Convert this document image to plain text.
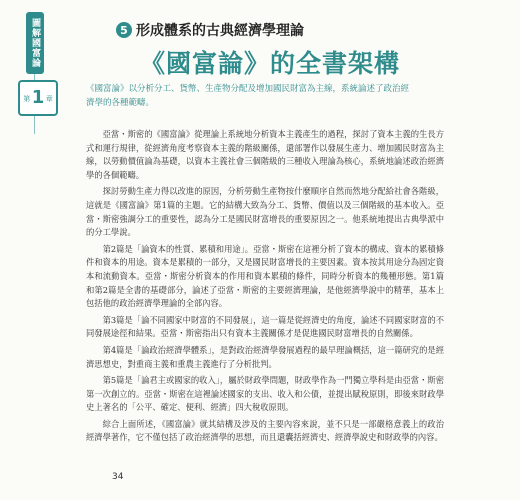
圖解國富論
第 1 章
5 形成體系的古典經濟學理論
《國富論》的全書架構
《國富論》以分析分工、貨幣、生產物分配及增加國民財富為主線，系統論述了政治經濟學的各種範疇。

亞當・斯密的《國富論》從理論上系統地分析資本主義產生的過程，探討了資本主義的生長方式和運行規律，從經濟角度考察資本主義的階級關係，還部署作以發展生產力、增加國民財富為主線，以勞動價值論為基礎，以資本主義社會三個階級的三種收入理論為核心，系統地論述政治經濟學的各個範疇。

探討勞動生產力得以改進的原因，分析勞動生產物按什麼順序自然而然地分配給社會各階級，這就是《國富論》第1篇的主題。它的結構大致為分工、貨幣、價值以及三個階級的基本收入。亞當・斯密強調分工的重要性，認為分工是國民財富增長的重要原因之一。他系統地提出古典學派中的分工學說。

第2篇是「論資本的性質、累積和用途」。亞當・斯密在這裡分析了資本的構成、資本的累積條件和資本的用途。資本是累積的一部分，又是國民財富增長的主要因素。資本按其用途分為固定資本和流動資本。亞當・斯密分析資本的作用和資本累積的條件，同時分析資本的幾種形態。第1篇和第2篇是全書的基礎部分，論述了亞當・斯密的主要經濟理論，是他經濟學說中的精華，基本上包括他的政治經濟學理論的全部內容。

第3篇是「論不同國家中財富的不同發展」，這一篇是從經濟史的角度，論述不同國家財富的不同發展途徑和結果。亞當・斯密指出只有資本主義關係才是促進國民財富增長的自然關係。

第4篇是「論政治經濟學體系」，是對政治經濟學發展過程的最早理論概括，這一篇研究的是經濟思想史，對重商主義和重農主義進行了分析批判。

第5篇是「論君主或國家的收入」，屬於財政學問題，財政學作為一門獨立學科是由亞當・斯密第一次創立的。亞當・斯密在這裡論述國家的支出、收入和公債，並提出賦稅原則，即後來財政學史上著名的「公平、確定、便利、經濟」四大稅收原則。

綜合上面所述，《國富論》就其結構及涉及的主要內容來說，並不只是一部嚴格意義上的政治經濟學著作，它不僅包括了政治經濟學的思想，而且還囊括經濟史、經濟學說史和財政學的內容。

34
